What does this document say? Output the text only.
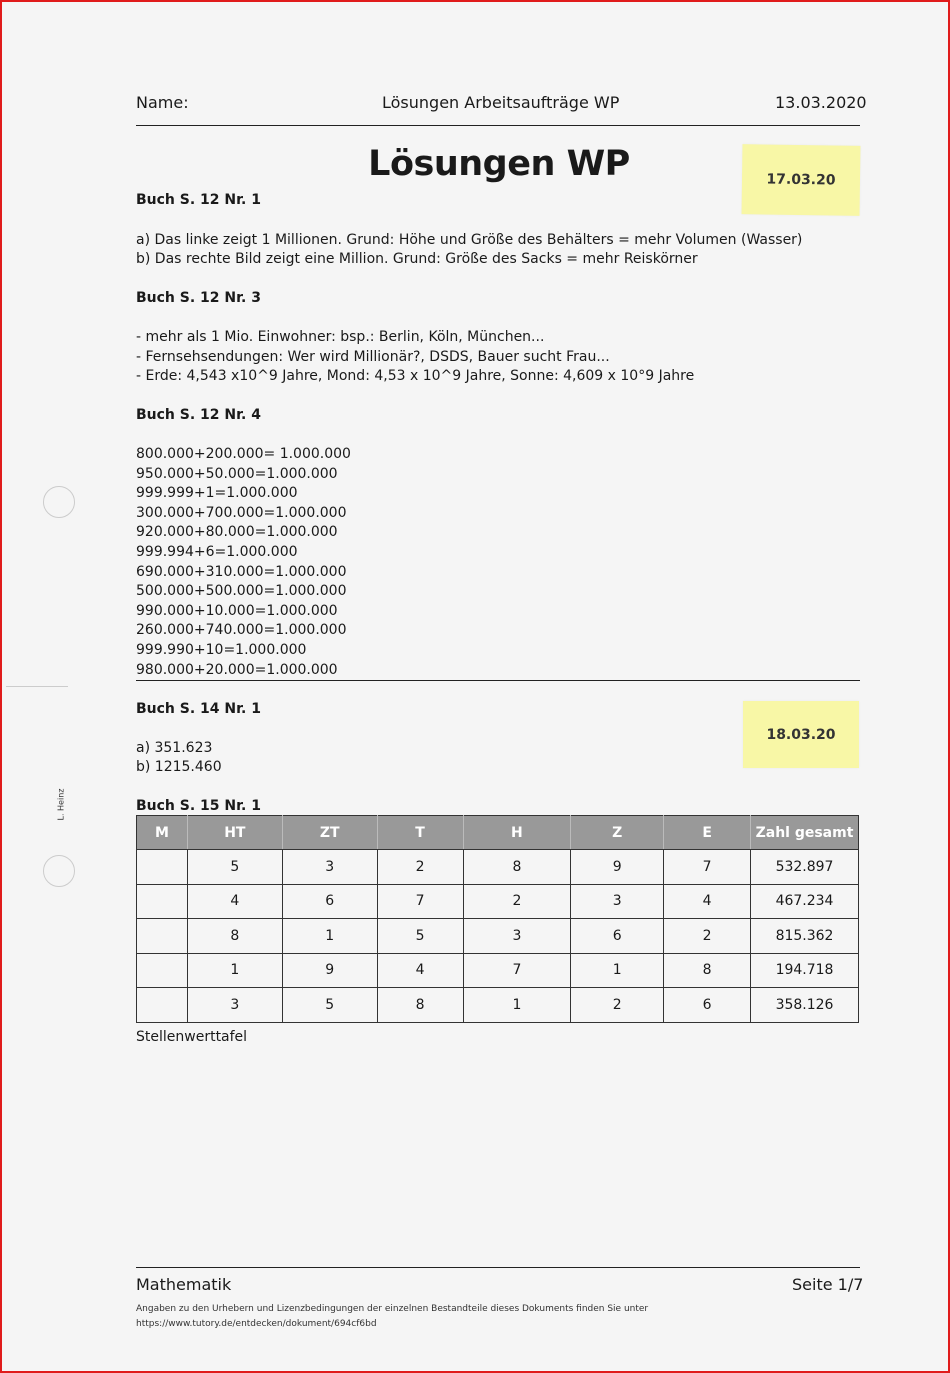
Name:	Lösungen Arbeitsaufträge WP	13.03.2020
Lösungen WP	17.03.20
Buch S. 12 Nr. 1
a) Das linke zeigt 1 Millionen. Grund: Höhe und Größe des Behälters = mehr Volumen (Wasser)
b) Das rechte Bild zeigt eine Million. Grund: Größe des Sacks = mehr Reiskörner
Buch S. 12 Nr. 3
- mehr als 1 Mio. Einwohner: bsp.: Berlin, Köln, München...
- Fernsehsendungen: Wer wird Millionär?, DSDS, Bauer sucht Frau...
- Erde: 4,543 x10^9 Jahre, Mond: 4,53 x 10^9 Jahre, Sonne: 4,609 x 10°9 Jahre
Buch S. 12 Nr. 4
800.000+200.000= 1.000.000
950.000+50.000=1.000.000
999.999+1=1.000.000
300.000+700.000=1.000.000
920.000+80.000=1.000.000
999.994+6=1.000.000
690.000+310.000=1.000.000
500.000+500.000=1.000.000
990.000+10.000=1.000.000
260.000+740.000=1.000.000
999.990+10=1.000.000
980.000+20.000=1.000.000
Buch S. 14 Nr. 1
a) 351.623
b) 1215.460
18.03.20
Buch S. 15 Nr. 1
M	HT	ZT	T	H	Z	E	Zahl gesamt
	5	3	2	8	9	7	532.897
	4	6	7	2	3	4	467.234
	8	1	5	3	6	2	815.362
	1	9	4	7	1	8	194.718
	3	5	8	1	2	6	358.126
Stellenwerttafel
L. Heinz
Mathematik	Seite 1/7
Angaben zu den Urhebern und Lizenzbedingungen der einzelnen Bestandteile dieses Dokuments finden Sie unter
https://www.tutory.de/entdecken/dokument/694cf6bd
